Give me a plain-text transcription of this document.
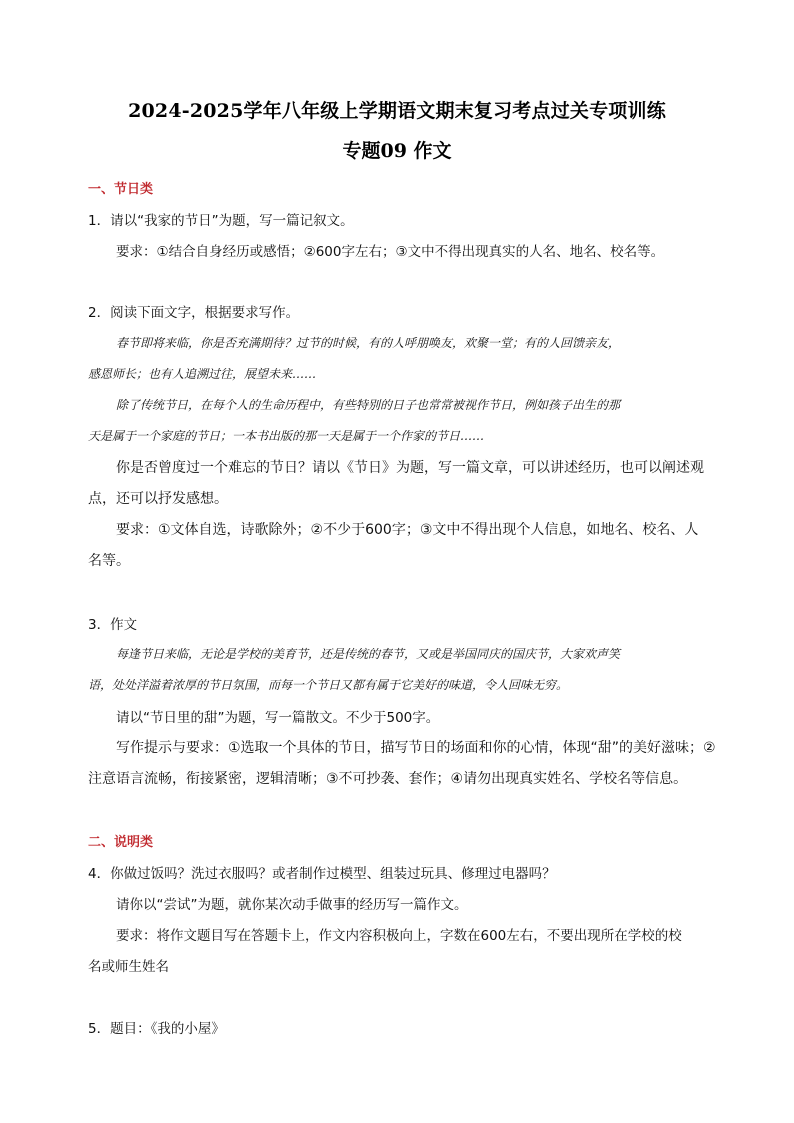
2024-2025学年八年级上学期语文期末复习考点过关专项训练
专题09 作文
一、节日类
1．请以“我家的节日”为题，写一篇记叙文。
要求：①结合自身经历或感悟；②600字左右；③文中不得出现真实的人名、地名、校名等。
2．阅读下面文字，根据要求写作。
春节即将来临，你是否充满期待？过节的时候，有的人呼朋唤友，欢聚一堂；有的人回馈亲友，
感恩师长；也有人追溯过往，展望未来……
除了传统节日，在每个人的生命历程中，有些特别的日子也常常被视作节日，例如孩子出生的那
天是属于一个家庭的节日；一本书出版的那一天是属于一个作家的节日……
你是否曾度过一个难忘的节日？请以《节日》为题，写一篇文章，可以讲述经历，也可以阐述观
点，还可以抒发感想。
要求：①文体自选，诗歌除外；②不少于600字；③文中不得出现个人信息，如地名、校名、人
名等。
3．作文
每逢节日来临，无论是学校的美育节，还是传统的春节，又或是举国同庆的国庆节，大家欢声笑
语，处处洋溢着浓厚的节日氛围，而每一个节日又都有属于它美好的味道，令人回味无穷。
请以“节日里的甜”为题，写一篇散文。不少于500字。
写作提示与要求：①选取一个具体的节日，描写节日的场面和你的心情，体现“甜”的美好滋味；②
注意语言流畅，衔接紧密，逻辑清晰；③不可抄袭、套作；④请勿出现真实姓名、学校名等信息。
二、说明类
4．你做过饭吗？洗过衣服吗？或者制作过模型、组装过玩具、修理过电器吗？
请你以“尝试”为题，就你某次动手做事的经历写一篇作文。
要求：将作文题目写在答题卡上，作文内容积极向上，字数在600左右，不要出现所在学校的校
名或师生姓名
5．题目：《我的小屋》
